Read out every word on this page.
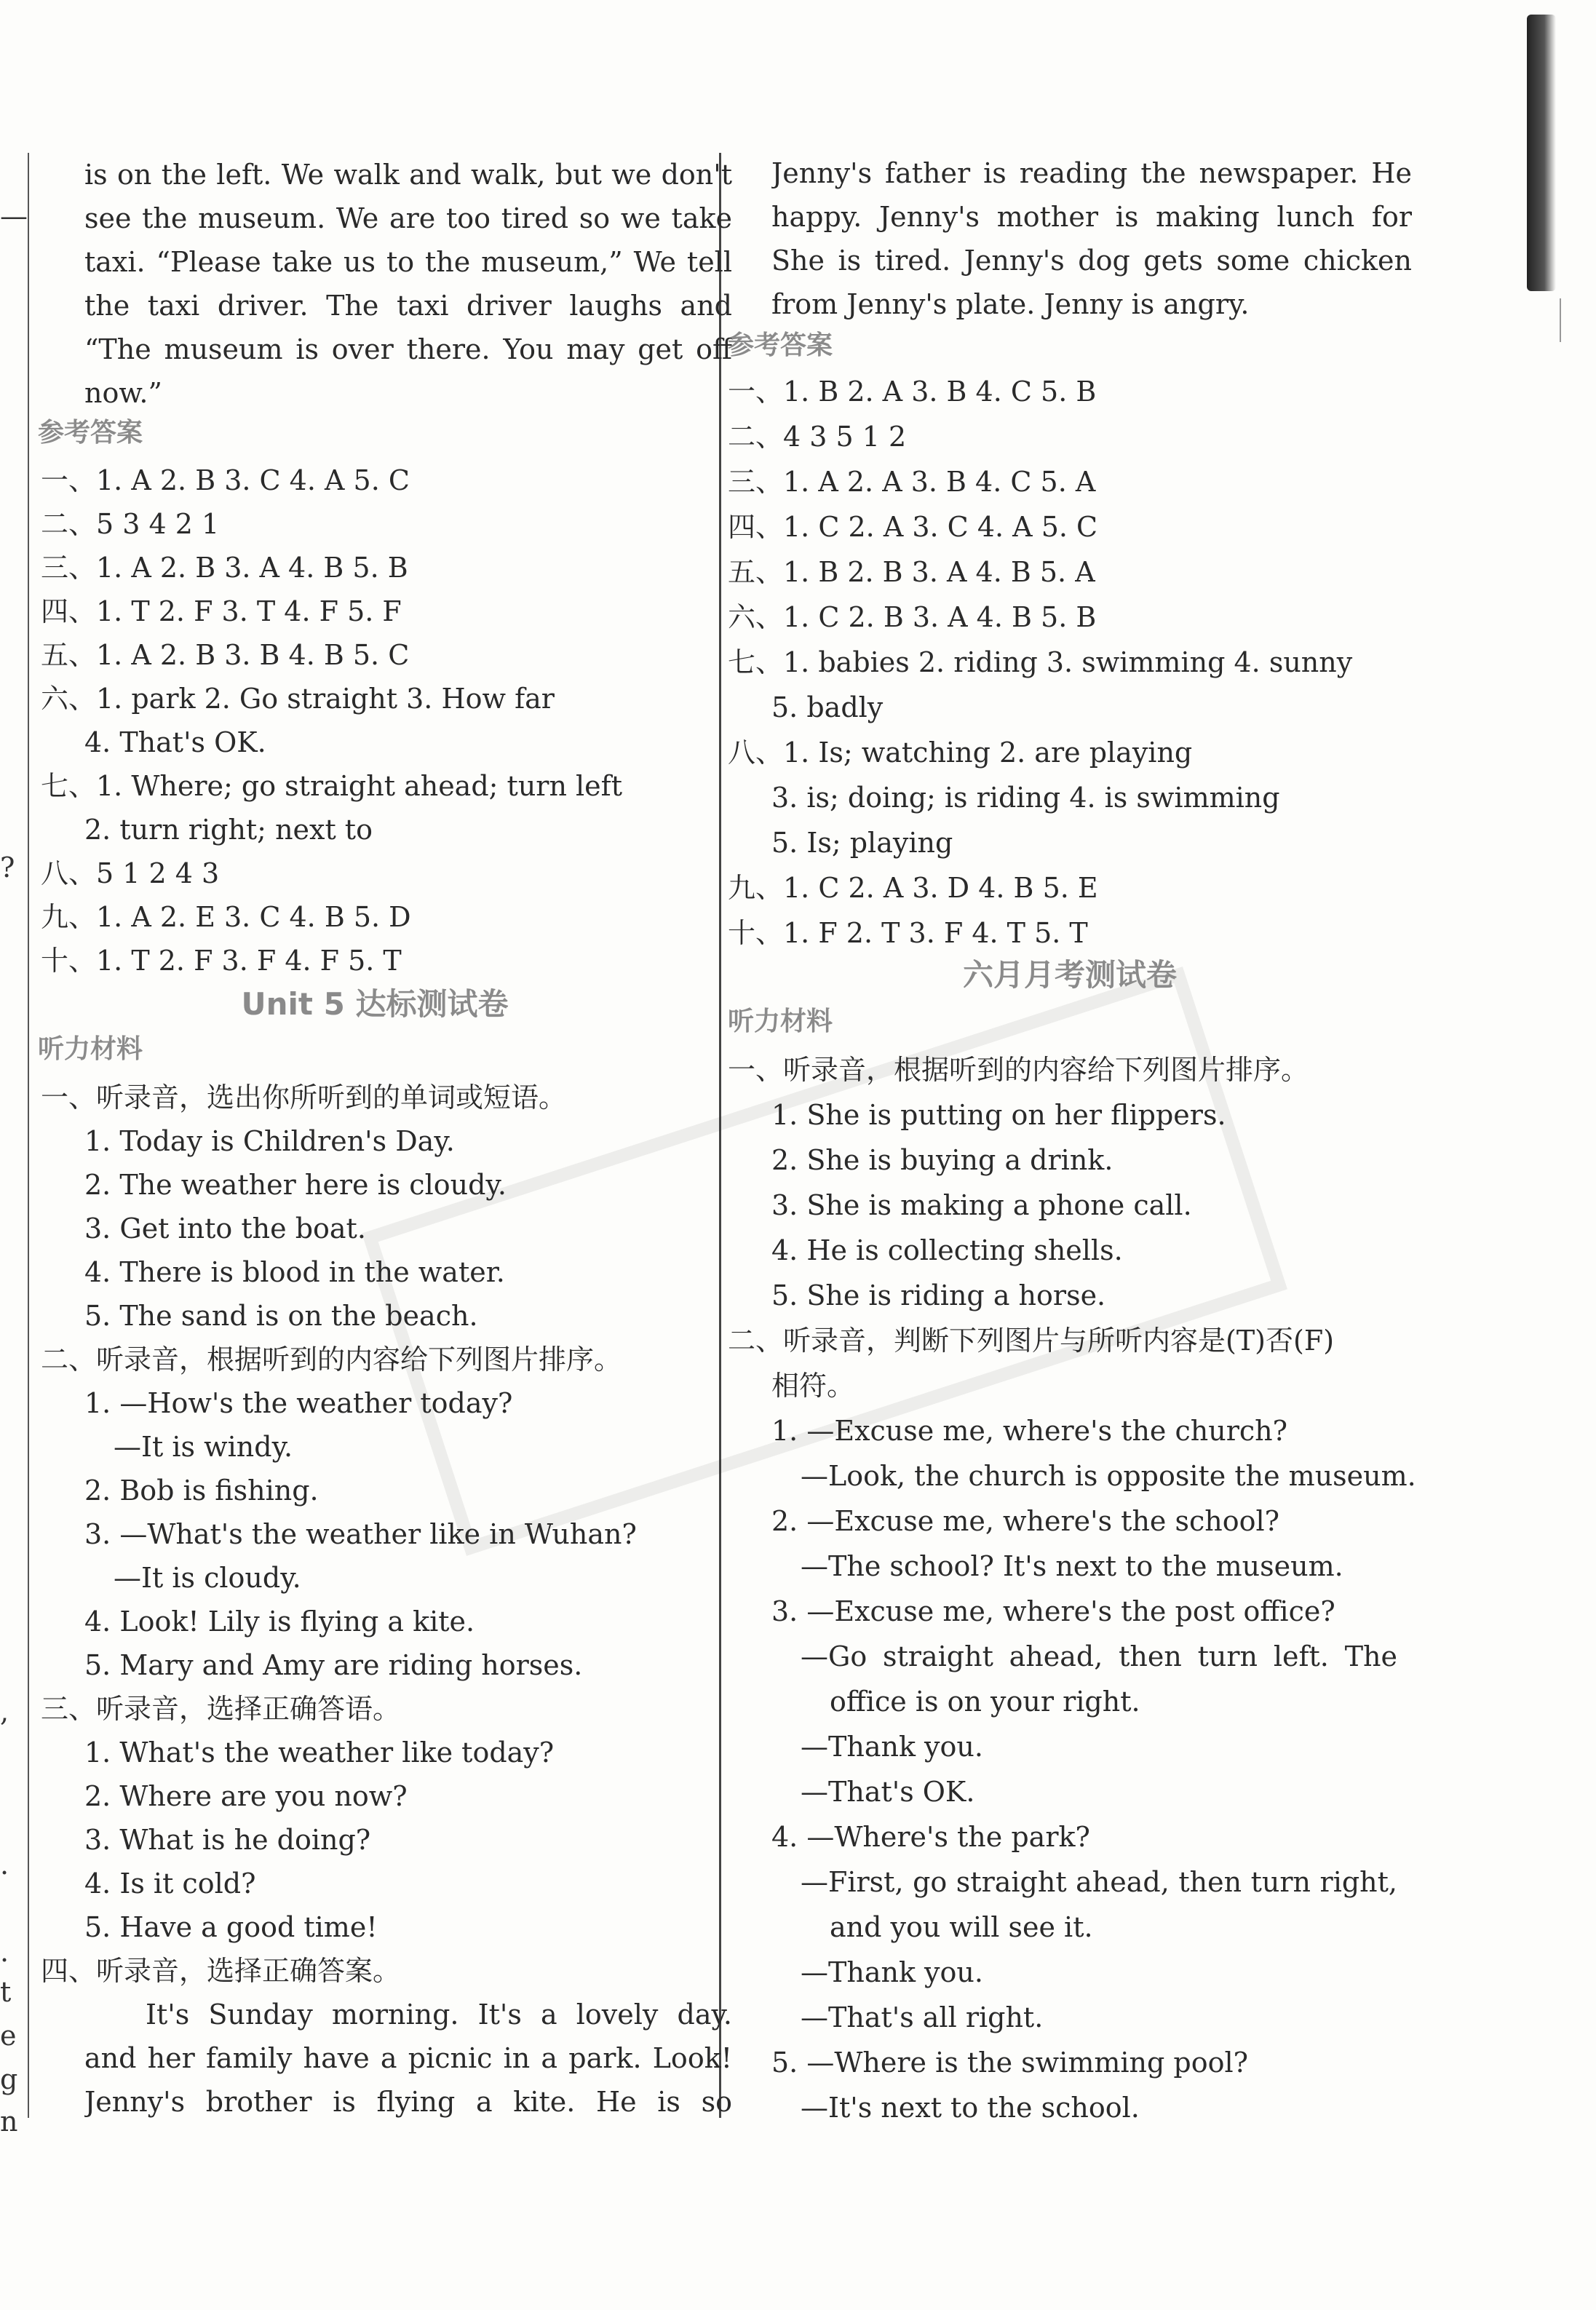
—
?
,
.
.
t
e
g
n
is on the left. We walk and walk, but we don't
see the museum. We are too tired so we take
taxi. “Please take us to the museum,” We tell
the taxi driver. The taxi driver laughs and
“The museum is over there. You may get off
now.”
参考答案
一、1. A 2. B 3. C 4. A 5. C
二、5 3 4 2 1
三、1. A 2. B 3. A 4. B 5. B
四、1. T 2. F 3. T 4. F 5. F
五、1. A 2. B 3. B 4. B 5. C
六、1. park 2. Go straight 3. How far
4. That's OK.
七、1. Where; go straight ahead; turn left
2. turn right; next to
八、5 1 2 4 3
九、1. A 2. E 3. C 4. B 5. D
十、1. T 2. F 3. F 4. F 5. T
Unit 5 达标测试卷
听力材料
一、听录音，选出你所听到的单词或短语。
1. Today is Children's Day.
2. The weather here is cloudy.
3. Get into the boat.
4. There is blood in the water.
5. The sand is on the beach.
二、听录音，根据听到的内容给下列图片排序。
1. —How's the weather today?
—It is windy.
2. Bob is fishing.
3. —What's the weather like in Wuhan?
—It is cloudy.
4. Look! Lily is flying a kite.
5. Mary and Amy are riding horses.
三、听录音，选择正确答语。
1. What's the weather like today?
2. Where are you now?
3. What is he doing?
4. Is it cold?
5. Have a good time!
四、听录音，选择正确答案。
It's Sunday morning. It's a lovely day.
and her family have a picnic in a park. Look!
Jenny's brother is flying a kite. He is so
Jenny's father is reading the newspaper. He
happy. Jenny's mother is making lunch for
She is tired. Jenny's dog gets some chicken
from Jenny's plate. Jenny is angry.
参考答案
一、1. B 2. A 3. B 4. C 5. B
二、4 3 5 1 2
三、1. A 2. A 3. B 4. C 5. A
四、1. C 2. A 3. C 4. A 5. C
五、1. B 2. B 3. A 4. B 5. A
六、1. C 2. B 3. A 4. B 5. B
七、1. babies 2. riding 3. swimming 4. sunny
5. badly
八、1. Is; watching 2. are playing
3. is; doing; is riding 4. is swimming
5. Is; playing
九、1. C 2. A 3. D 4. B 5. E
十、1. F 2. T 3. F 4. T 5. T
六月月考测试卷
听力材料
一、听录音，根据听到的内容给下列图片排序。
1. She is putting on her flippers.
2. She is buying a drink.
3. She is making a phone call.
4. He is collecting shells.
5. She is riding a horse.
二、听录音，判断下列图片与所听内容是(T)否(F)
相符。
1. —Excuse me, where's the church?
—Look, the church is opposite the museum.
2. —Excuse me, where's the school?
—The school? It's next to the museum.
3. —Excuse me, where's the post office?
—Go straight ahead, then turn left. The
office is on your right.
—Thank you.
—That's OK.
4. —Where's the park?
—First, go straight ahead, then turn right,
and you will see it.
—Thank you.
—That's all right.
5. —Where is the swimming pool?
—It's next to the school.
